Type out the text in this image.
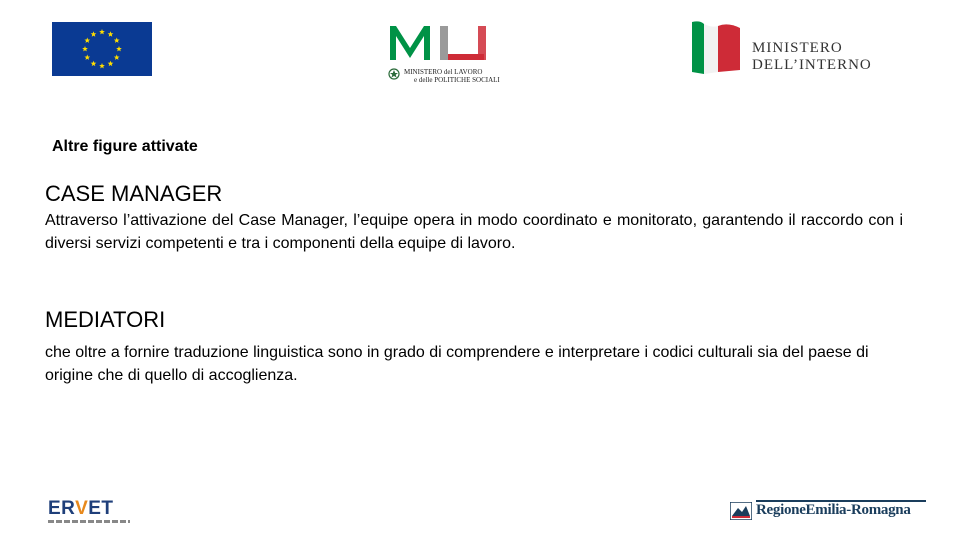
MINISTERO del LAVORO
e delle POLITICHE SOCIALI
MINISTERO
DELL’INTERNO
Altre figure attivate
CASE MANAGER
Attraverso l’attivazione del Case Manager, l’equipe opera in modo coordinato e monitorato, garantendo il raccordo con i diversi servizi competenti e tra i componenti della equipe di lavoro.
MEDIATORI
che oltre a fornire traduzione linguistica sono in grado di comprendere e interpretare i codici culturali sia del paese di origine che di quello di accoglienza.
ERVET	RegioneEmilia-Romagna
